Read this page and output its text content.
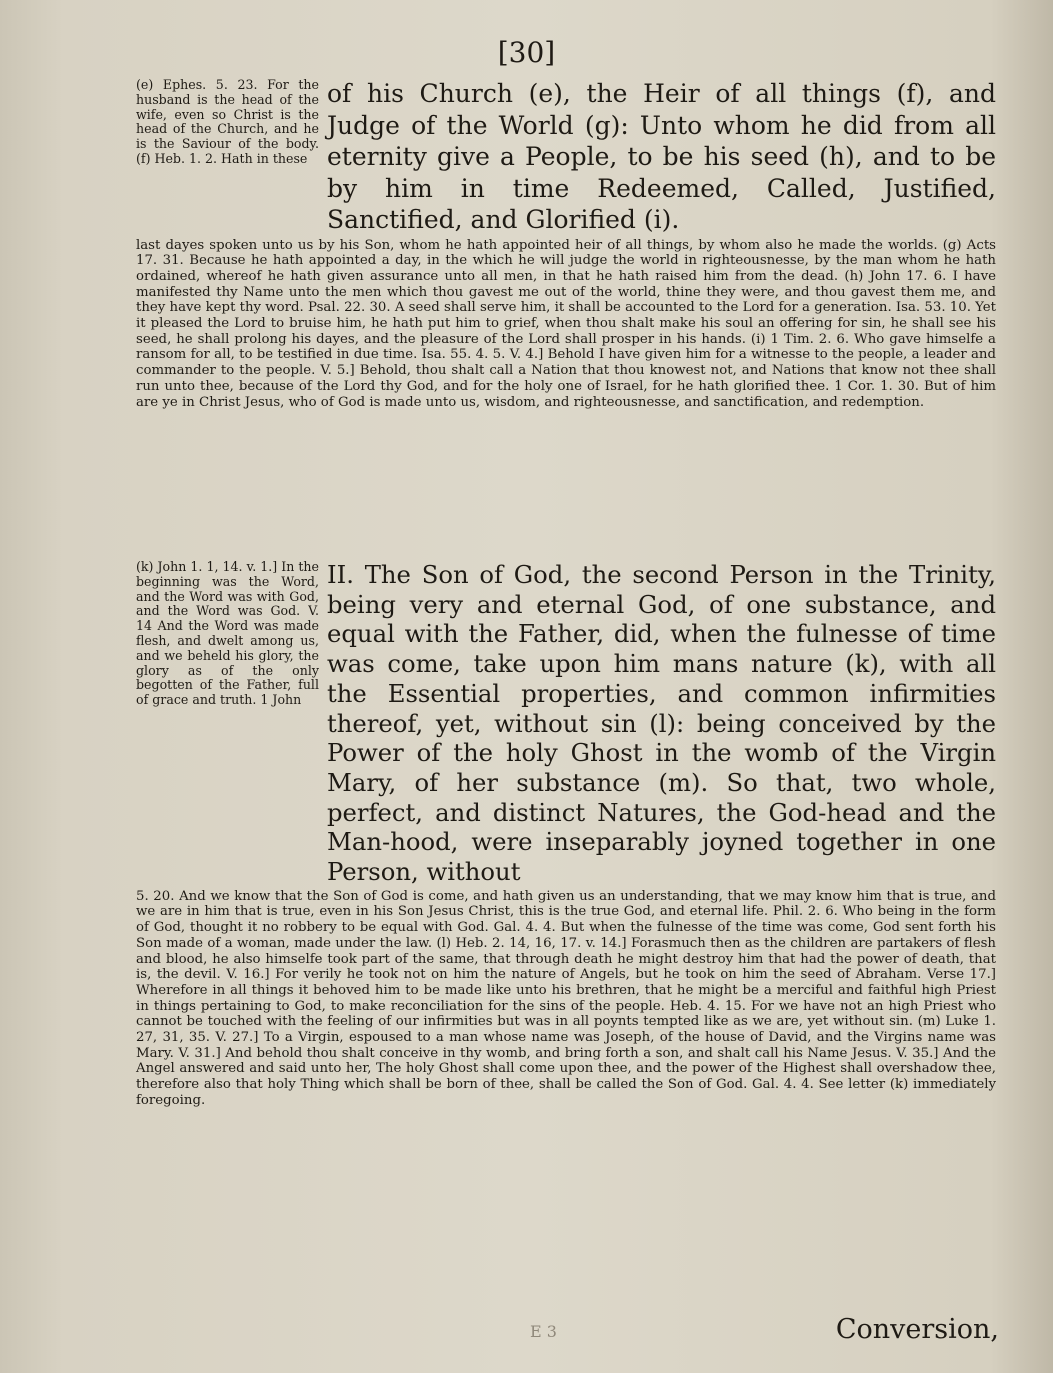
[30]
(e) Ephes. 5. 23. For the husband is the head of the wife, even so Christ is the head of the Church, and he is the Saviour of the body. (f) Heb. 1. 2. Hath in these
of his Church (e), the Heir of all things (f), and Judge of the World (g): Unto whom he did from all eternity give a People, to be his seed (h), and to be by him in time Redeemed, Called, Justified, Sanctified, and Glorified (i).
last dayes spoken unto us by his Son, whom he hath appointed heir of all things, by whom also he made the worlds. (g) Acts 17. 31. Because he hath appointed a day, in the which he will judge the world in righteousnesse, by the man whom he hath ordained, whereof he hath given assurance unto all men, in that he hath raised him from the dead. (h) John 17. 6. I have manifested thy Name unto the men which thou gavest me out of the world, thine they were, and thou gavest them me, and they have kept thy word. Psal. 22. 30. A seed shall serve him, it shall be accounted to the Lord for a generation. Isa. 53. 10. Yet it pleased the Lord to bruise him, he hath put him to grief, when thou shalt make his soul an offering for sin, he shall see his seed, he shall prolong his dayes, and the pleasure of the Lord shall prosper in his hands. (i) 1 Tim. 2. 6. Who gave himselfe a ransom for all, to be testified in due time. Isa. 55. 4. 5. V. 4.] Behold I have given him for a witnesse to the people, a leader and commander to the people. V. 5.] Behold, thou shalt call a Nation that thou knowest not, and Nations that know not thee shall run unto thee, because of the Lord thy God, and for the holy one of Israel, for he hath glorified thee. 1 Cor. 1. 30. But of him are ye in Christ Jesus, who of God is made unto us, wisdom, and righteousnesse, and sanctification, and redemption.
(k) John 1. 1, 14. v. 1.] In the beginning was the Word, and the Word was with God, and the Word was God. V. 14 And the Word was made flesh, and dwelt among us, and we beheld his glory, the glory as of the only begotten of the Father, full of grace and truth. 1 John
II. The Son of God, the second Person in the Trinity, being very and eternal God, of one substance, and equal with the Father, did, when the fulnesse of time was come, take upon him mans nature (k), with all the Essential properties, and common infirmities thereof, yet, without sin (l): being conceived by the Power of the holy Ghost in the womb of the Virgin Mary, of her substance (m). So that, two whole, perfect, and distinct Natures, the God-head and the Man-hood, were inseparably joyned together in one Person, without
5. 20. And we know that the Son of God is come, and hath given us an understanding, that we may know him that is true, and we are in him that is true, even in his Son Jesus Christ, this is the true God, and eternal life. Phil. 2. 6. Who being in the form of God, thought it no robbery to be equal with God. Gal. 4. 4. But when the fulnesse of the time was come, God sent forth his Son made of a woman, made under the law. (l) Heb. 2. 14, 16, 17. v. 14.] Forasmuch then as the children are partakers of flesh and blood, he also himselfe took part of the same, that through death he might destroy him that had the power of death, that is, the devil. V. 16.] For verily he took not on him the nature of Angels, but he took on him the seed of Abraham. Verse 17.] Wherefore in all things it behoved him to be made like unto his brethren, that he might be a merciful and faithful high Priest in things pertaining to God, to make reconciliation for the sins of the people. Heb. 4. 15. For we have not an high Priest who cannot be touched with the feeling of our infirmities but was in all poynts tempted like as we are, yet without sin. (m) Luke 1. 27, 31, 35. V. 27.] To a Virgin, espoused to a man whose name was Joseph, of the house of David, and the Virgins name was Mary. V. 31.] And behold thou shalt conceive in thy womb, and bring forth a son, and shalt call his Name Jesus. V. 35.] And the Angel answered and said unto her, The holy Ghost shall come upon thee, and the power of the Highest shall overshadow thee, therefore also that holy Thing which shall be born of thee, shall be called the Son of God. Gal. 4. 4. See letter (k) immediately foregoing.
E 3	Conversion,
